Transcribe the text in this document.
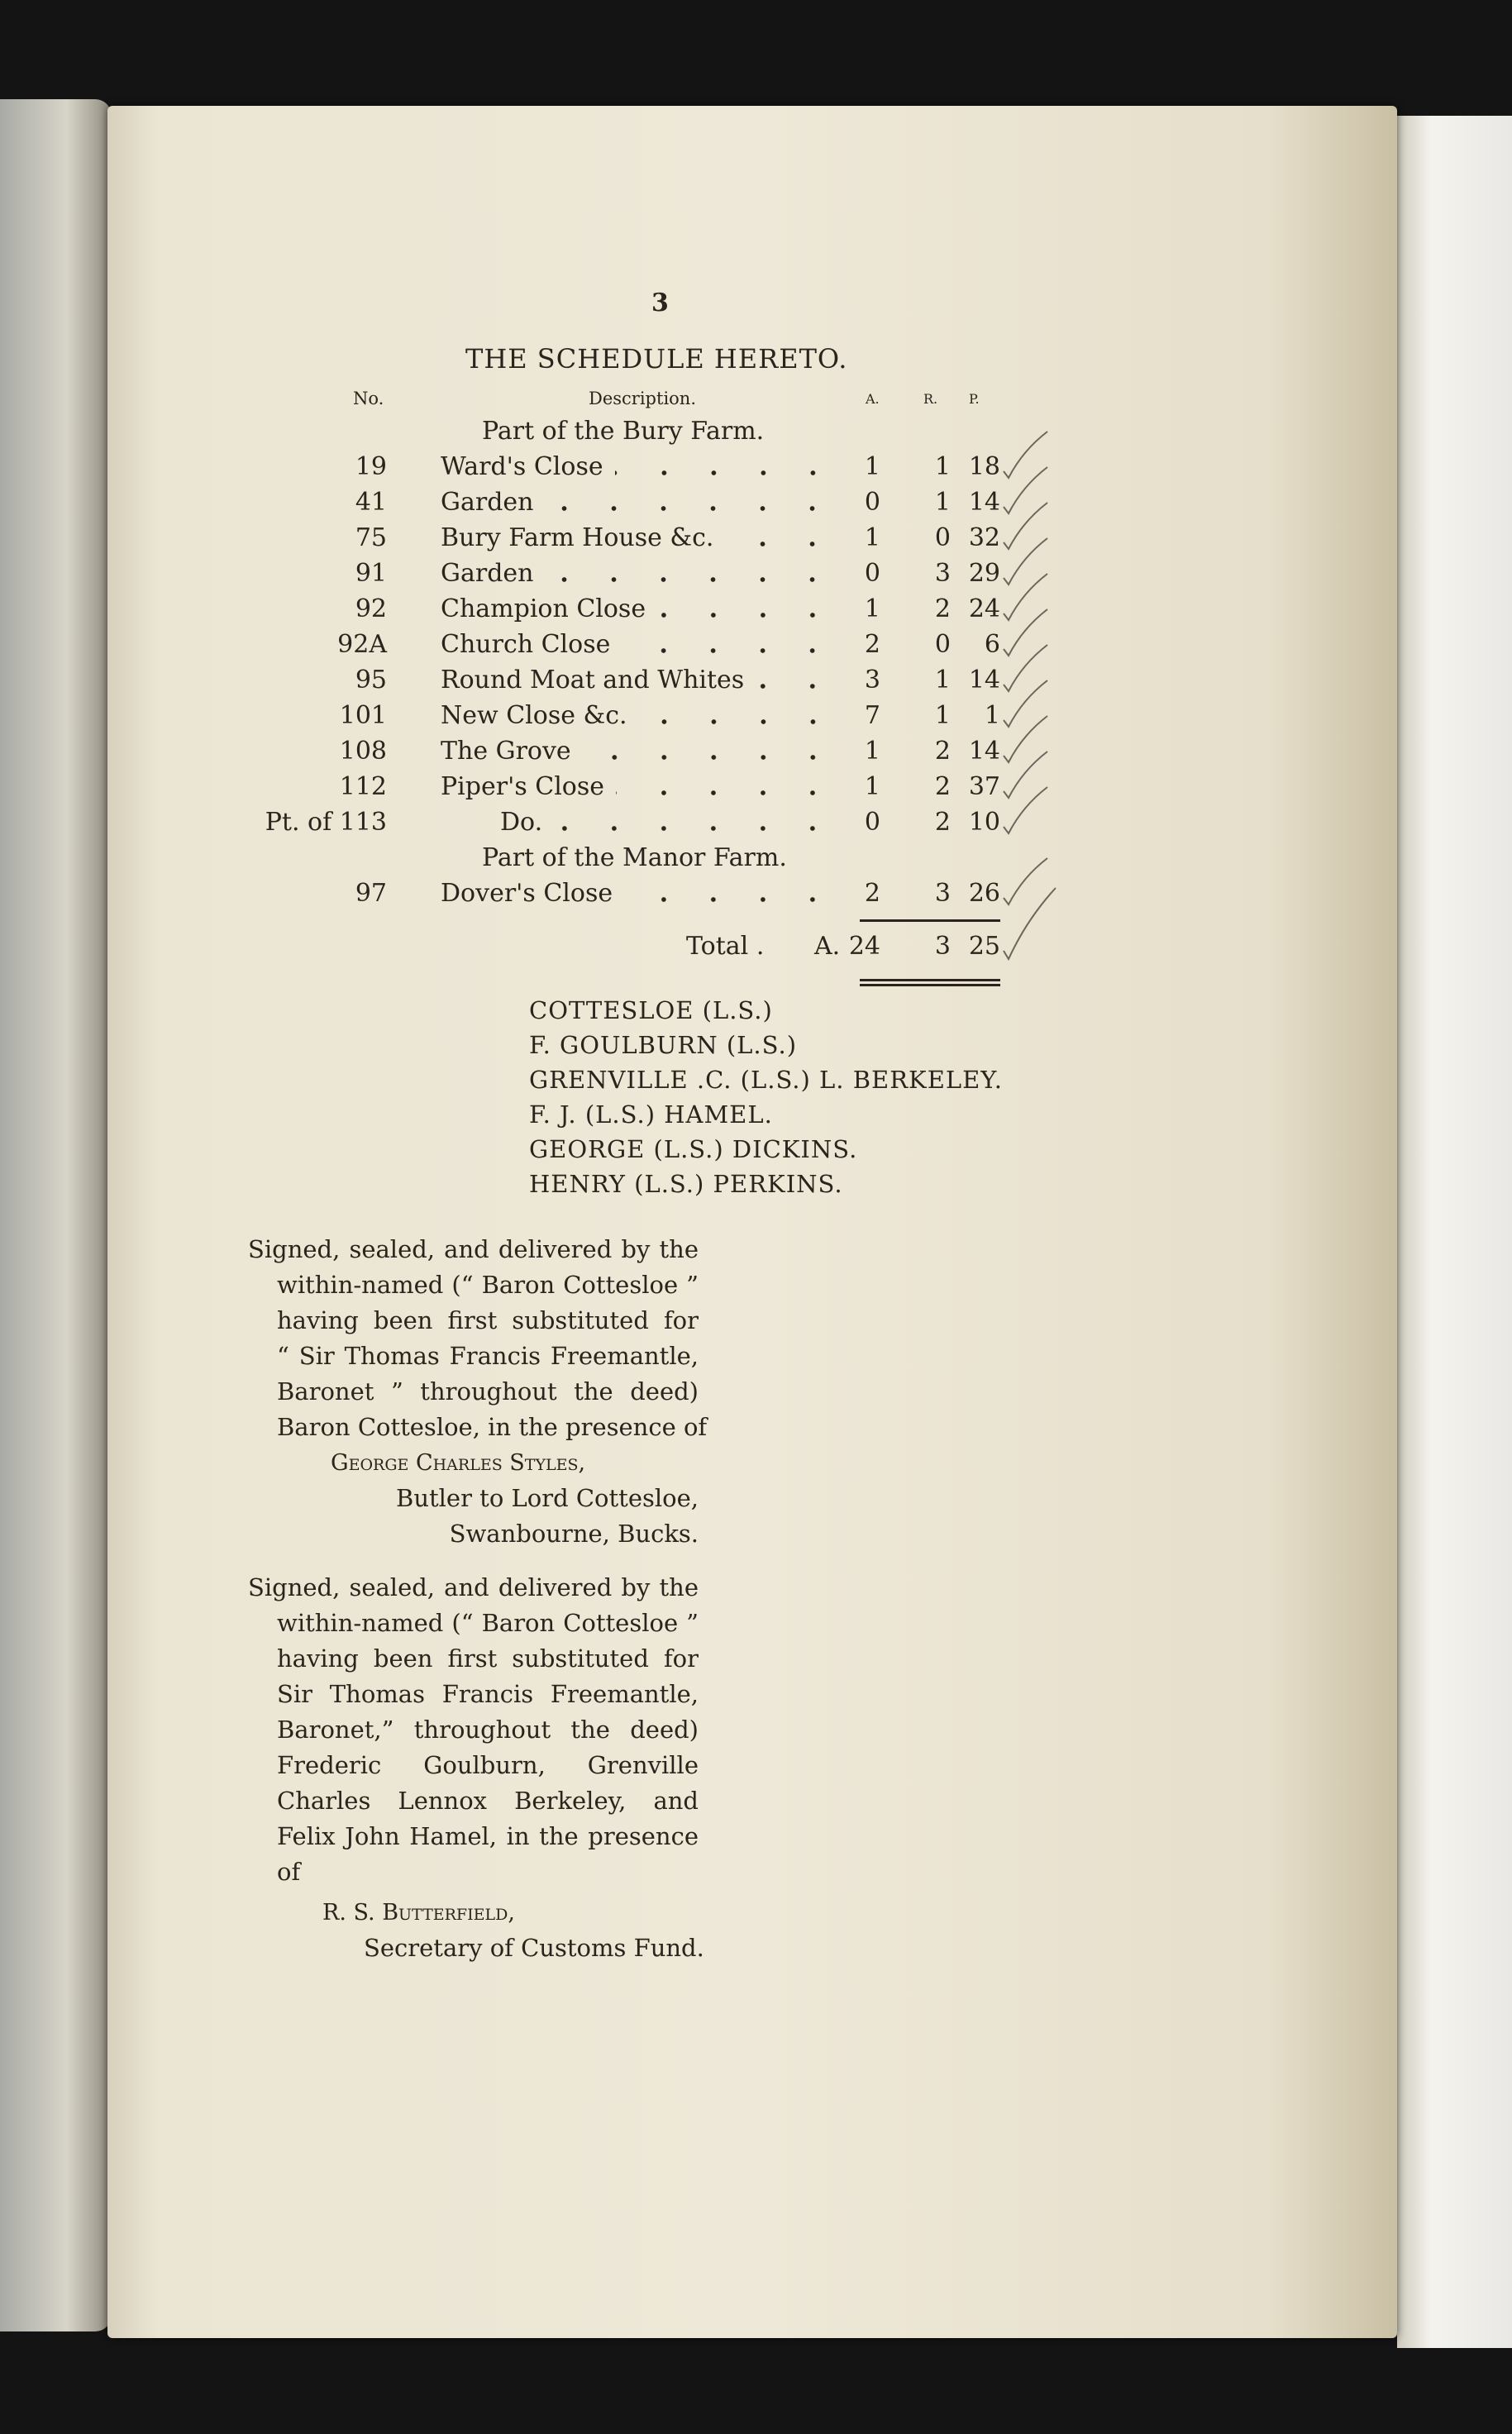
3
THE SCHEDULE HERETO.
No.	Description.	A.	R. P.
Part of the Bury Farm.
19 Ward's Close	1	1 18
41 Garden	0	1 14
75 Bury Farm House &c.	1	0 32
91 Garden	0	3 29
92 Champion Close	1	2 24
92A Church Close	2	0	6
95 Round Moat and Whites	3	1 14
101 New Close &c.	7	1	1
108 The Grove	1	2 14
112 Piper's Close	1	2 37
Pt. of 113	Do.	0	2 10
Part of the Manor Farm.
97 Dover's Close	2	3 26
Total . A. 24	3 25
COTTESLOE (L.S.)
F. GOULBURN (L.S.)
GRENVILLE .C. (L.S.) L. BERKELEY.
F. J. (L.S.) HAMEL.
GEORGE (L.S.) DICKINS.
HENRY (L.S.) PERKINS.
Signed, sealed, and delivered by the
within-named (“ Baron Cottesloe ”
having been first substituted for
“ Sir Thomas Francis Freemantle,
Baronet ” throughout the deed)
Baron Cottesloe, in the presence of
George Charles Styles,
Butler to Lord Cottesloe,
Swanbourne, Bucks.
Signed, sealed, and delivered by the
within-named (“ Baron Cottesloe ”
having been first substituted for
Sir Thomas Francis Freemantle,
Baronet,” throughout the deed)
Frederic Goulburn, Grenville
Charles Lennox Berkeley, and
Felix John Hamel, in the presence
of
R. S. Butterfield,
Secretary of Customs Fund.
